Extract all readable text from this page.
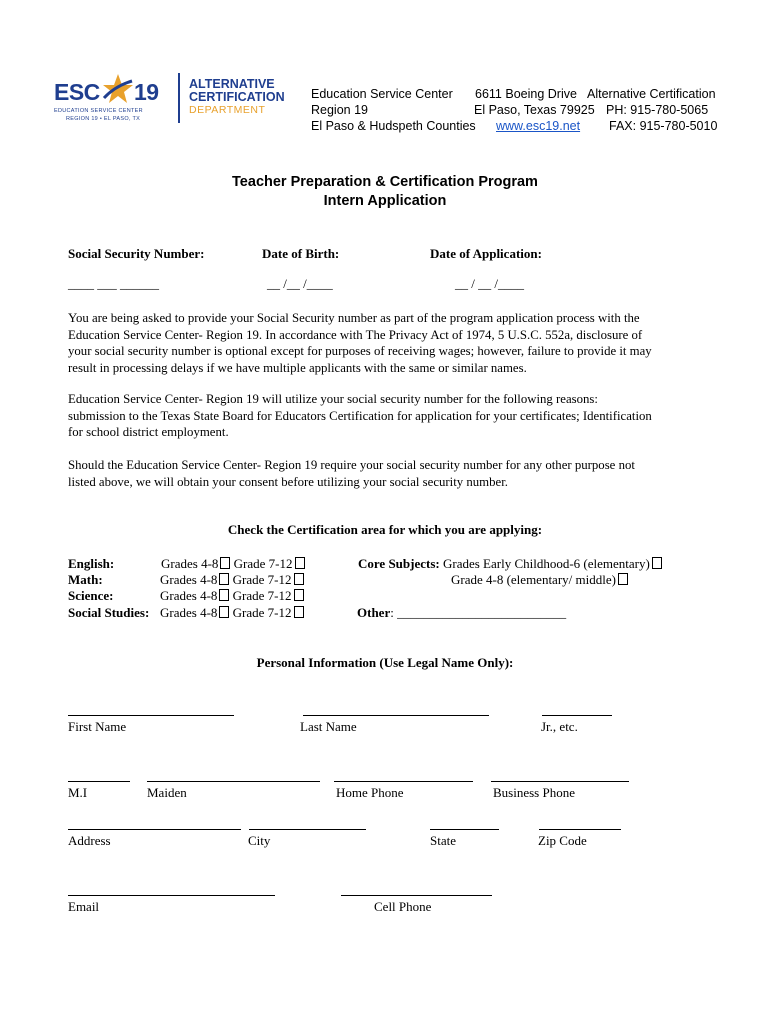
ESC 19
EDUCATION SERVICE CENTER
REGION 19 • EL PASO, TX
ALTERNATIVE
CERTIFICATION
DEPARTMENT
Education Service Center
Region 19
El Paso & Hudspeth Counties
6611 Boeing Drive
El Paso, Texas 79925
www.esc19.net
Alternative Certification
PH: 915-780-5065
FAX: 915-780-5010
Teacher Preparation & Certification Program
Intern Application
Social Security Number:	Date of Birth:	Date of Application:
____ ___ ______	__ /__ /____	__ / __ /____
You are being asked to provide your Social Security number as part of the program application process with the
Education Service Center- Region 19. In accordance with The Privacy Act of 1974, 5 U.S.C. 552a, disclosure of
your social security number is optional except for purposes of receiving wages; however, failure to provide it may
result in processing delays if we have multiple applicants with the same or similar names.
Education Service Center- Region 19 will utilize your social security number for the following reasons:
submission to the Texas State Board for Educators Certification for application for your certificates; Identification
for school district employment.
Should the Education Service Center- Region 19 require your social security number for any other purpose not
listed above, we will obtain your consent before utilizing your social security number.
Check the Certification area for which you are applying:
English:	Grades 4-8 Grade 7-12
Math:	Grades 4-8 Grade 7-12
Science:	Grades 4-8 Grade 7-12
Social Studies: Grades 4-8 Grade 7-12
Core Subjects: Grades Early Childhood-6 (elementary)
Grade 4-8 (elementary/ middle)
Other: __________________________
Personal Information (Use Legal Name Only):
First Name	Last Name	Jr., etc.
M.I	Maiden	Home Phone	Business Phone
Address	City	State	Zip Code
Email	Cell Phone
